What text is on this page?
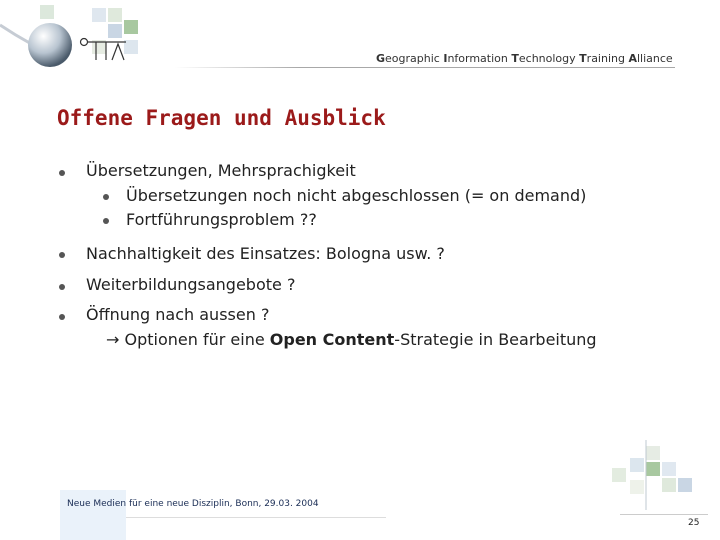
Geographic Information Technology Training Alliance
Offene Fragen und Ausblick
Übersetzungen, Mehrsprachigkeit
Übersetzungen noch nicht abgeschlossen (= on demand)
Fortführungsproblem ??
Nachhaltigkeit des Einsatzes: Bologna usw. ?
Weiterbildungsangebote ?
Öffnung nach aussen ?
→ Optionen für eine Open Content-Strategie in Bearbeitung
Neue Medien für eine neue Disziplin, Bonn, 29.03. 2004
25
